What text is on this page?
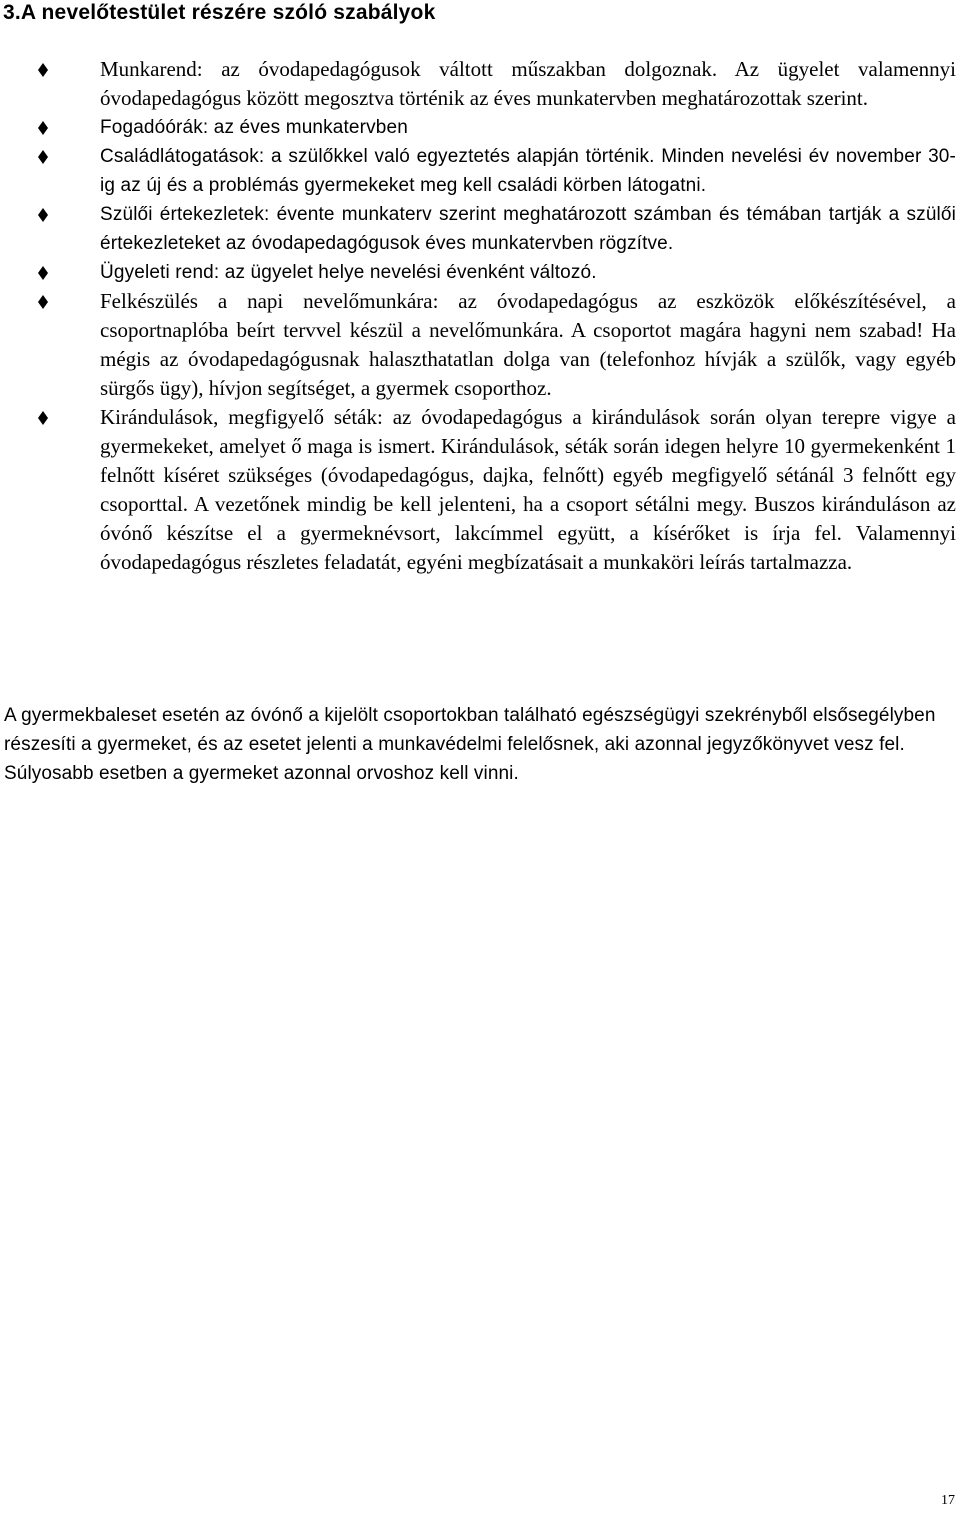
3.A nevelőtestület részére szóló szabályok
Munkarend: az óvodapedagógusok váltott műszakban dolgoznak. Az ügyelet valamennyi óvodapedagógus között megosztva történik az éves munkatervben meghatározottak szerint.
Fogadóórák: az éves munkatervben
Családlátogatások: a szülőkkel való egyeztetés alapján történik. Minden nevelési év november 30-ig az új és a problémás gyermekeket meg kell családi körben látogatni.
Szülői értekezletek: évente munkaterv szerint meghatározott számban és témában tartják a szülői értekezleteket az óvodapedagógusok éves munkatervben rögzítve.
Ügyeleti rend: az ügyelet helye nevelési évenként változó.
Felkészülés a napi nevelőmunkára: az óvodapedagógus az eszközök előkészítésével, a csoportnaplóba beírt tervvel készül a nevelőmunkára. A csoportot magára hagyni nem szabad! Ha mégis az óvodapedagógusnak halaszthatatlan dolga van (telefonhoz hívják a szülők, vagy egyéb sürgős ügy), hívjon segítséget, a gyermek csoporthoz.
Kirándulások, megfigyelő séták: az óvodapedagógus a kirándulások során olyan terepre vigye a gyermekeket, amelyet ő maga is ismert. Kirándulások, séták során idegen helyre 10 gyermekenként 1 felnőtt kíséret szükséges (óvodapedagógus, dajka, felnőtt) egyéb megfigyelő sétánál 3 felnőtt egy csoporttal. A vezetőnek mindig be kell jelenteni, ha a csoport sétálni megy. Buszos kiránduláson az óvónő készítse el a gyermeknévsort, lakcímmel együtt, a kísérőket is írja fel. Valamennyi óvodapedagógus részletes feladatát, egyéni megbízatásait a munkaköri leírás tartalmazza.

A gyermekbaleset esetén az óvónő a kijelölt csoportokban található egészségügyi szekrényből elsősegélyben részesíti a gyermeket, és az esetet jelenti a munkavédelmi felelősnek, aki azonnal jegyzőkönyvet vesz fel. Súlyosabb esetben a gyermeket azonnal orvoshoz kell vinni.

17
